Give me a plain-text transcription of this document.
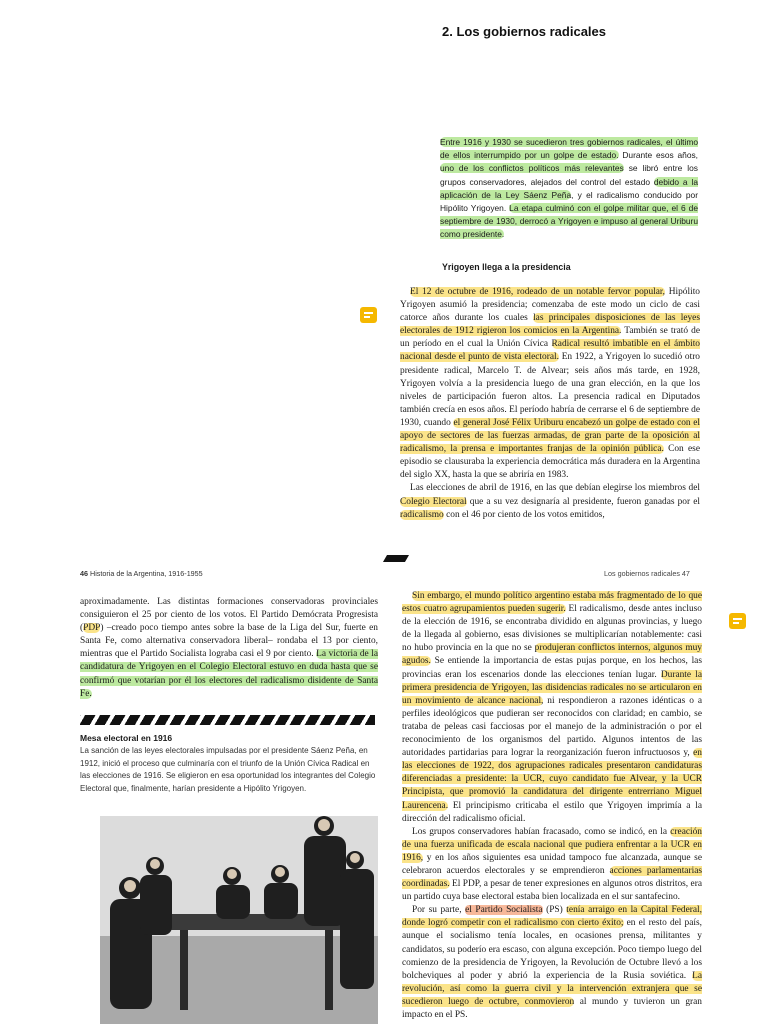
2. Los gobiernos radicales
Entre 1916 y 1930 se sucedieron tres gobiernos radicales, el último de ellos interrumpido por un golpe de estado. Durante esos años, uno de los conflictos políticos más relevantes se libró entre los grupos conservadores, alejados del control del estado debido a la aplicación de la Ley Sáenz Peña, y el radicalismo conducido por Hipólito Yrigoyen. La etapa culminó con el golpe militar que, el 6 de septiembre de 1930, derrocó a Yrigoyen e impuso al general Uriburu como presidente.
Yrigoyen llega a la presidencia

El 12 de octubre de 1916, rodeado de un notable fervor popular, Hipólito Yrigoyen asumió la presidencia; comenzaba de este modo un ciclo de casi catorce años durante los cuales las principales disposiciones de las leyes electorales de 1912 rigieron los comicios en la Argentina. También se trató de un período en el cual la Unión Cívica Radical resultó imbatible en el ámbito nacional desde el punto de vista electoral. En 1922, a Yrigoyen lo sucedió otro presidente radical, Marcelo T. de Alvear; seis años más tarde, en 1928, Yrigoyen volvía a la presidencia luego de una gran elección, en la que los niveles de participación fueron altos. La presencia radical en Diputados también crecía en esos años. El período habría de cerrarse el 6 de septiembre de 1930, cuando el general José Félix Uriburu encabezó un golpe de estado con el apoyo de sectores de las fuerzas armadas, de gran parte de la oposición al radicalismo, la prensa e importantes franjas de la opinión pública. Con ese episodio se clausuraba la experiencia democrática más duradera en la Argentina del siglo XX, hasta la que se abriría en 1983.

Las elecciones de abril de 1916, en las que debían elegirse los miembros del Colegio Electoral que a su vez designaría al presidente, fueron ganadas por el radicalismo con el 46 por ciento de los votos emitidos,

46 Historia de la Argentina, 1916-1955	Los gobiernos radicales 47
aproximadamente. Las distintas formaciones conservadoras provinciales consiguieron el 25 por ciento de los votos. El Partido Demócrata Progresista (PDP) –creado poco tiempo antes sobre la base de la Liga del Sur, fuerte en Santa Fe, como alternativa conservadora liberal– rondaba el 13 por ciento, mientras que el Partido Socialista lograba casi el 9 por ciento. La victoria de la candidatura de Yrigoyen en el Colegio Electoral estuvo en duda hasta que se confirmó que votarían por él los electores del radicalismo disidente de Santa Fe.
Mesa electoral en 1916
La sanción de las leyes electorales impulsadas por el presidente Sáenz Peña, en 1912, inició el proceso que culminaría con el triunfo de la Unión Cívica Radical en las elecciones de 1916. Se eligieron en esa oportunidad los integrantes del Colegio Electoral que, finalmente, harían presidente a Hipólito Yrigoyen.

Sin embargo, el mundo político argentino estaba más fragmentado de lo que estos cuatro agrupamientos pueden sugerir. El radicalismo, desde antes incluso de la elección de 1916, se encontraba dividido en algunas provincias, y luego de la llegada al gobierno, esas divisiones se multiplicarían notablemente: casi no hubo provincia en la que no se produjeran conflictos internos, algunos muy agudos. Se entiende la importancia de estas pujas porque, en los hechos, las provincias eran los escenarios donde las elecciones tenían lugar. Durante la primera presidencia de Yrigoyen, las disidencias radicales no se articularon en un movimiento de alcance nacional, ni respondieron a razones idénticas o a perfiles ideológicos que pudieran ser reconocidos con claridad; en cambio, se trataba de peleas casi facciosas por el manejo de la administración o por el reconocimiento de los organismos del partido. Algunos intentos de las autoridades partidarias para lograr la reorganización fueron infructuosos y, en las elecciones de 1922, dos agrupaciones radicales presentaron candidaturas diferenciadas a presidente: la UCR, cuyo candidato fue Alvear, y la UCR Principista, que promovió la candidatura del dirigente entrerriano Miguel Laurencena. El principismo criticaba el estilo que Yrigoyen imprimía a la dirección del radicalismo oficial.

Los grupos conservadores habían fracasado, como se indicó, en la creación de una fuerza unificada de escala nacional que pudiera enfrentar a la UCR en 1916, y en los años siguientes esa unidad tampoco fue alcanzada, aunque se celebraron acuerdos electorales y se emprendieron acciones parlamentarias coordinadas. El PDP, a pesar de tener expresiones en algunos otros distritos, era un partido cuya base electoral estaba bien localizada en el sur santafecino.

Por su parte, el Partido Socialista (PS) tenía arraigo en la Capital Federal, donde logró competir con el radicalismo con cierto éxito; en el resto del país, aunque el socialismo tenía locales, en ocasiones prensa, militantes y candidatos, su poderío era escaso, con alguna excepción. Poco tiempo luego del comienzo de la presidencia de Yrigoyen, la Revolución de Octubre llevó a los bolcheviques al poder y abrió la experiencia de la Rusia soviética. La revolución, así como la guerra civil y la intervención extranjera que se sucedieron luego de octubre, conmovieron al mundo y tuvieron un gran impacto en el PS.
